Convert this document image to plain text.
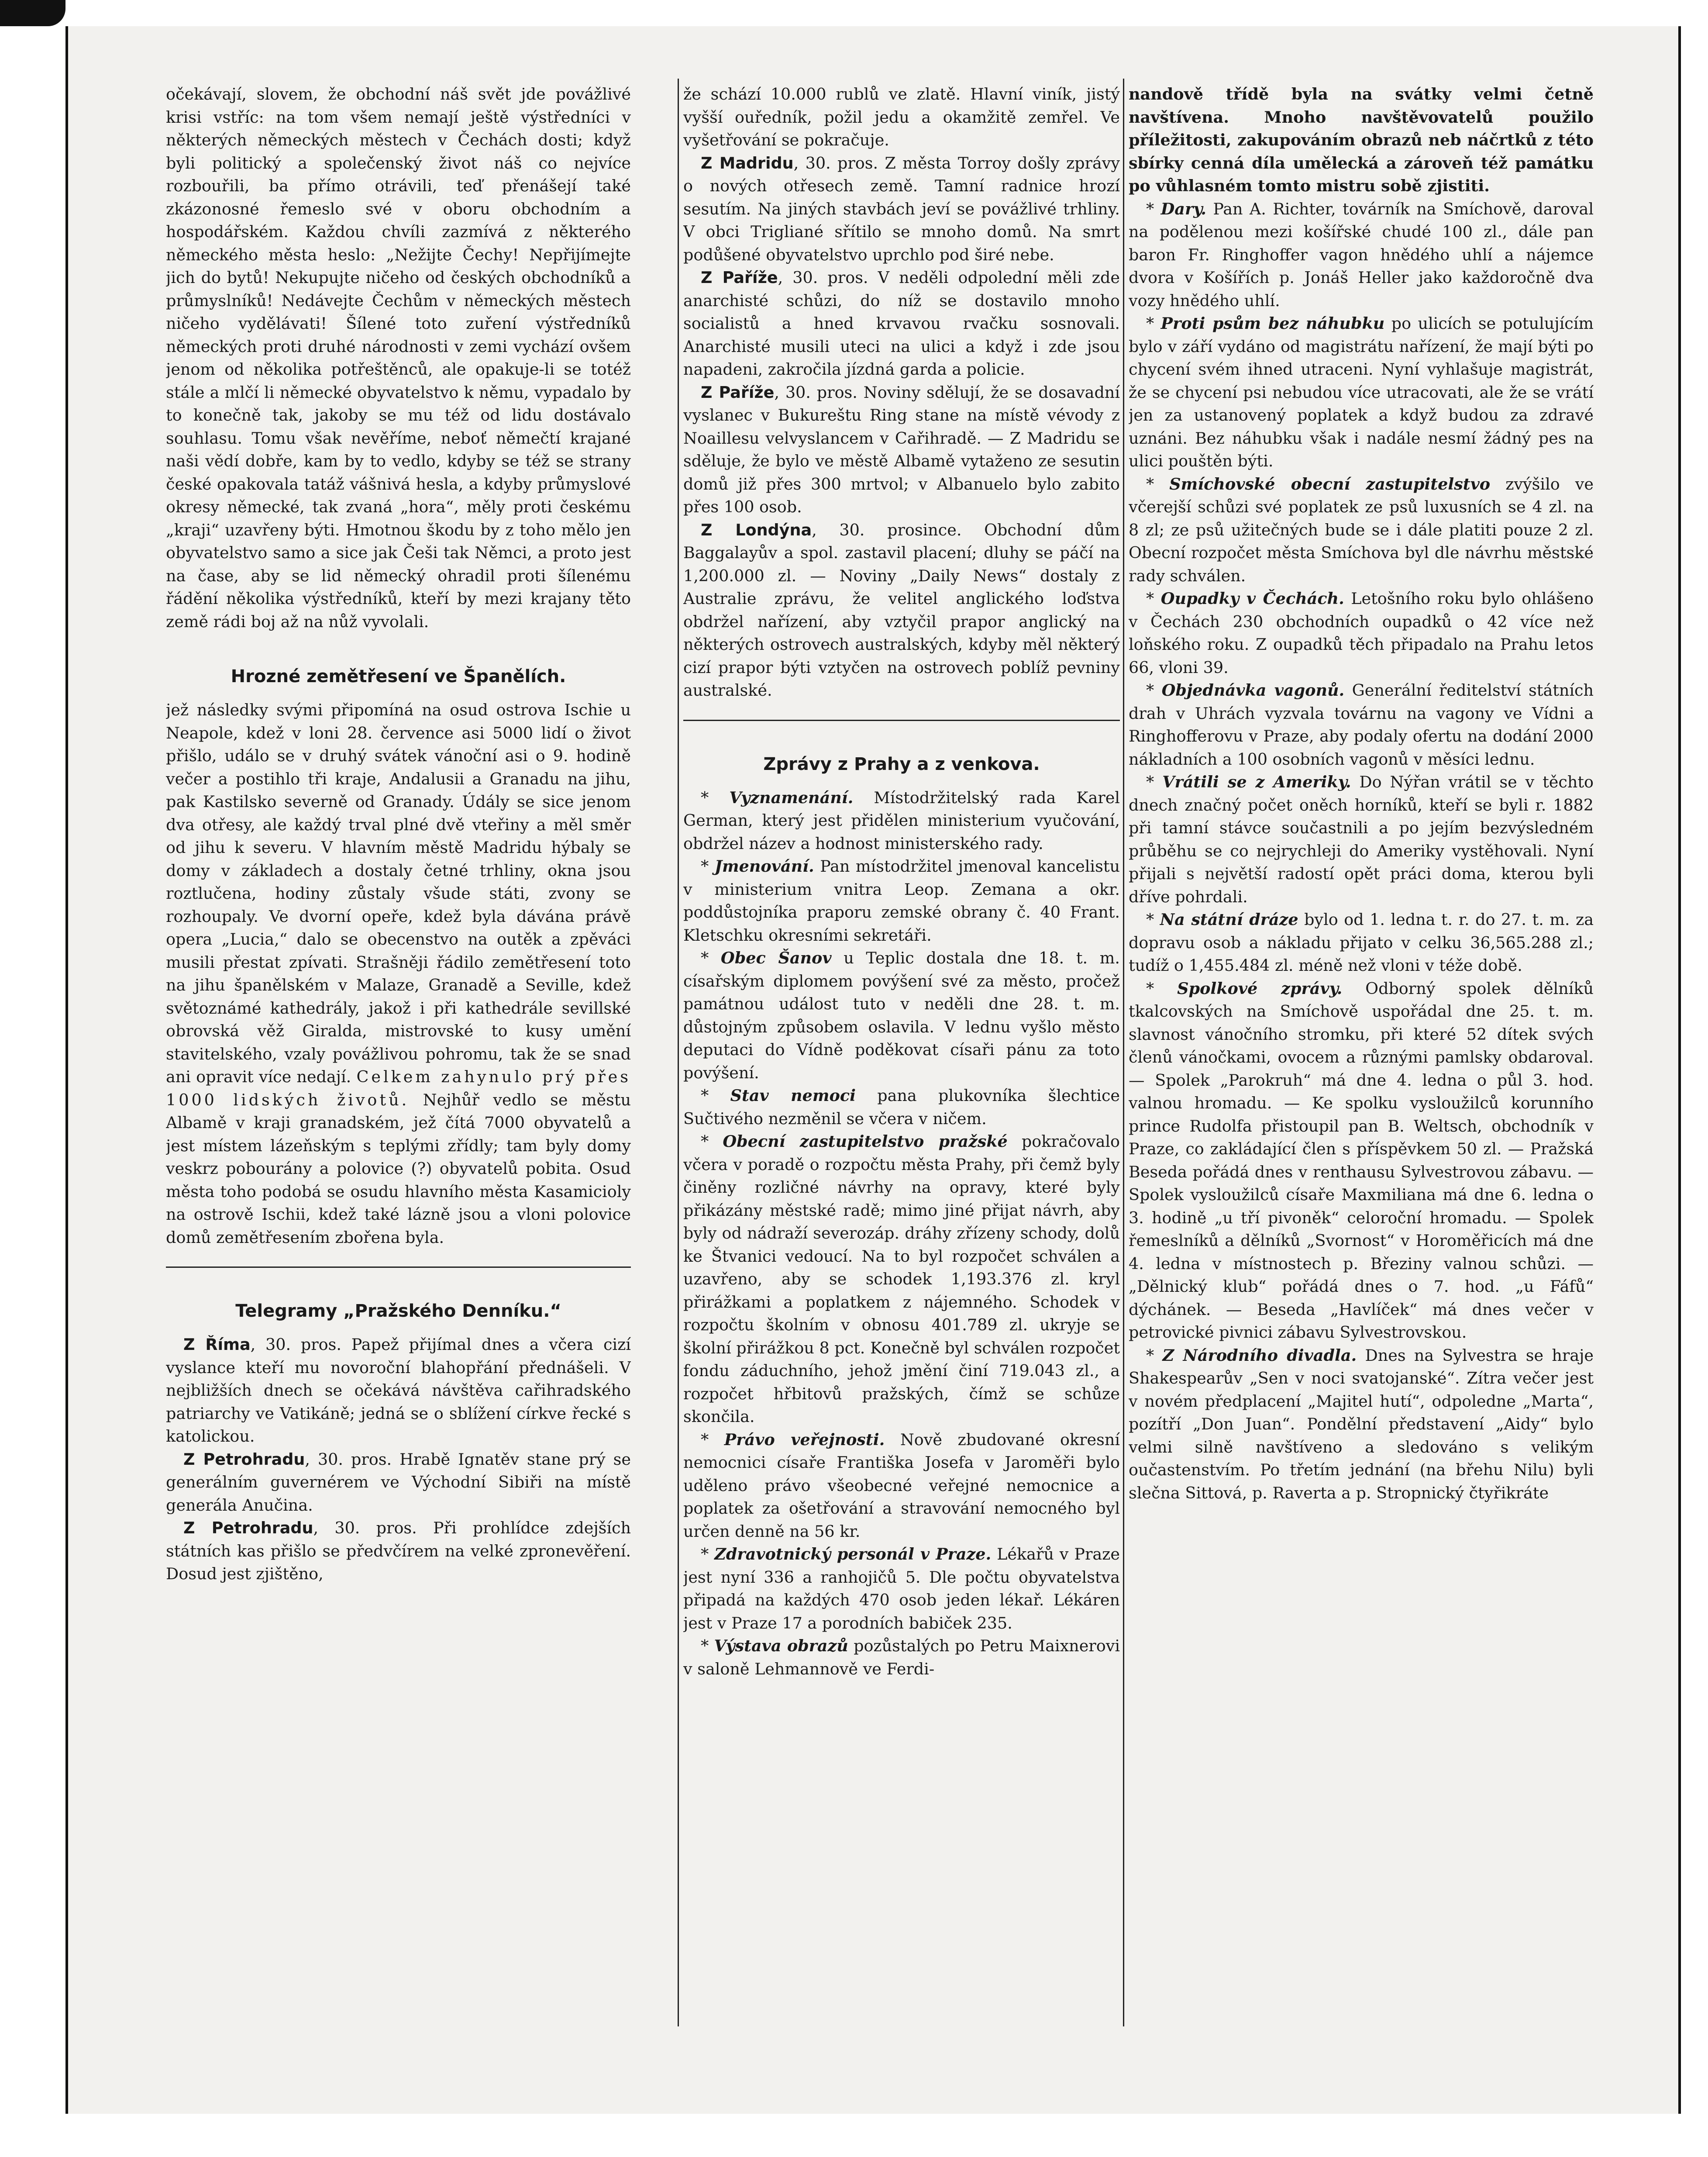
očekávají, slovem, že obchodní náš svět jde povážlivé krisi vstříc: na tom všem nemají ještě výstředníci v některých německých městech v Čechách dosti; když byli politický a společenský život náš co nejvíce rozbouřili, ba přímo otrávili, teď přenášejí také zkázonosné řemeslo své v oboru obchodním a hospodářském. Každou chvíli zazmívá z některého německého města heslo: „Nežijte Čechy! Nepřijímejte jich do bytů! Nekupujte ničeho od českých obchodníků a průmyslníků! Nedávejte Čechům v německých městech ničeho vydělávati! Šílené toto zuření výstředníků německých proti druhé národnosti v zemi vychází ovšem jenom od několika potřeštěnců, ale opakuje-li se totéž stále a mlčí li německé obyvatelstvo k němu, vypadalo by to konečně tak, jakoby se mu též od lidu dostávalo souhlasu. Tomu však nevěříme, neboť němečtí krajané naši vědí dobře, kam by to vedlo, kdyby se též se strany české opakovala tatáž vášnivá hesla, a kdyby průmyslové okresy německé, tak zvaná „hora“, měly proti českému „kraji“ uzavřeny býti. Hmotnou škodu by z toho mělo jen obyvatelstvo samo a sice jak Češi tak Němci, a proto jest na čase, aby se lid německý ohradil proti šílenému řádění několika výstředníků, kteří by mezi krajany těto země rádi boj až na nůž vyvolali.

Hrozné zemětřesení ve Španělích.

jež následky svými připomíná na osud ostrova Ischie u Neapole, kdež v loni 28. července asi 5000 lidí o život přišlo, událo se v druhý svátek vánoční asi o 9. hodině večer a postihlo tři kraje, Andalusii a Granadu na jihu, pak Kastilsko severně od Granady. Údály se sice jenom dva otřesy, ale každý trval plné dvě vteřiny a měl směr od jihu k severu. V hlavním městě Madridu hýbaly se domy v základech a dostaly četné trhliny, okna jsou roztlučena, hodiny zůstaly všude státi, zvony se rozhoupaly. Ve dvorní opeře, kdež byla dávána právě opera „Lucia,“ dalo se obecenstvo na outěk a zpěváci musili přestat zpívati. Strašněji řádilo zemětřesení toto na jihu španělském v Malaze, Granadě a Seville, kdež světoznámé kathedrály, jakož i při kathedrále sevillské obrovská věž Giralda, mistrovské to kusy umění stavitelského, vzaly povážlivou pohromu, tak že se snad ani opravit více nedají. Celkem zahynulo prý přes 1000 lidských životů. Nejhůř vedlo se městu Albamě v kraji granadském, jež čítá 7000 obyvatelů a jest místem lázeňským s teplými zřídly; tam byly domy veskrz pobourány a polovice (?) obyvatelů pobita. Osud města toho podobá se osudu hlavního města Kasamicioly na ostrově Ischii, kdež také lázně jsou a vloni polovice domů zemětřesením zbořena byla.

Telegramy „Pražského Denníku.“

Z Říma, 30. pros. Papež přijímal dnes a včera cizí vyslance kteří mu novoroční blahopřání přednášeli. V nejbližších dnech se očekává návštěva cařihradského patriarchy ve Vatikáně; jedná se o sblížení církve řecké s katolickou.

Z Petrohradu, 30. pros. Hrabě Ignatěv stane prý se generálním guvernérem ve Východní Sibiři na místě generála Anučina.

Z Petrohradu, 30. pros. Při prohlídce zdejších státních kas přišlo se předvčírem na velké zpronevěření. Dosud jest zjištěno,

že schází 10.000 rublů ve zlatě. Hlavní viník, jistý vyšší ouředník, požil jedu a okamžitě zemřel. Ve vyšetřování se pokračuje.

Z Madridu, 30. pros. Z města Torroy došly zprávy o nových otřesech země. Tamní radnice hrozí sesutím. Na jiných stavbách jeví se povážlivé trhliny. V obci Trigliané sřítilo se mnoho domů. Na smrt podůšené obyvatelstvo uprchlo pod širé nebe.

Z Paříže, 30. pros. V neděli odpolední měli zde anarchisté schůzi, do níž se dostavilo mnoho socialistů a hned krvavou rvačku sosnovali. Anarchisté musili uteci na ulici a když i zde jsou napadeni, zakročila jízdná garda a policie.

Z Paříže, 30. pros. Noviny sdělují, že se dosavadní vyslanec v Bukureštu Ring stane na místě vévody z Noaillesu velvyslancem v Cařihradě. — Z Madridu se sděluje, že bylo ve městě Albamě vytaženo ze sesutin domů již přes 300 mrtvol; v Albanuelo bylo zabito přes 100 osob.

Z Londýna, 30. prosince. Obchodní dům Baggalayův a spol. zastavil placení; dluhy se páčí na 1,200.000 zl. — Noviny „Daily News“ dostaly z Australie zprávu, že velitel anglického loďstva obdržel nařízení, aby vztyčil prapor anglický na některých ostrovech australských, kdyby měl některý cizí prapor býti vztyčen na ostrovech poblíž pevniny australské.

Zprávy z Prahy a z venkova.

* Vyznamenání. Místodržitelský rada Karel German, který jest přidělen ministerium vyučování, obdržel název a hodnost ministerského rady.

* Jmenování. Pan místodržitel jmenoval kancelistu v ministerium vnitra Leop. Zemana a okr. poddůstojníka praporu zemské obrany č. 40 Frant. Kletschku okresními sekretáři.

* Obec Šanov u Teplic dostala dne 18. t. m. císařským diplomem povýšení své za město, pročež památnou událost tuto v neděli dne 28. t. m. důstojným způsobem oslavila. V lednu vyšlo město deputaci do Vídně poděkovat císaři pánu za toto povýšení.

* Stav nemoci pana plukovníka šlechtice Sučtivého nezměnil se včera v ničem.

* Obecní zastupitelstvo pražské pokračovalo včera v poradě o rozpočtu města Prahy, při čemž byly činěny rozličné návrhy na opravy, které byly přikázány městské radě; mimo jiné přijat návrh, aby byly od nádraží severozáp. dráhy zřízeny schody, dolů ke Štvanici vedoucí. Na to byl rozpočet schválen a uzavřeno, aby se schodek 1,193.376 zl. kryl přirážkami a poplatkem z nájemného. Schodek v rozpočtu školním v obnosu 401.789 zl. ukryje se školní přirážkou 8 pct. Konečně byl schválen rozpočet fondu záduchního, jehož jmění činí 719.043 zl., a rozpočet hřbitovů pražských, čímž se schůze skončila.

* Právo veřejnosti. Nově zbudované okresní nemocnici císaře Františka Josefa v Jaroměři bylo uděleno právo všeobecné veřejné nemocnice a poplatek za ošetřování a stravování nemocného byl určen denně na 56 kr.

* Zdravotnický personál v Praze. Lékařů v Praze jest nyní 336 a ranhojičů 5. Dle počtu obyvatelstva připadá na každých 470 osob jeden lékař. Lékáren jest v Praze 17 a porodních babiček 235.

* Výstava obrazů pozůstalých po Petru Maixnerovi v saloně Lehmannově ve Ferdi-

nandově třídě byla na svátky velmi četně navštívena. Mnoho navštěvovatelů použilo příležitosti, zakupováním obrazů neb náčrtků z této sbírky cenná díla umělecká a zároveň též památku po vůhlasném tomto mistru sobě zjistiti.

* Dary. Pan A. Richter, továrník na Smíchově, daroval na podělenou mezi košířské chudé 100 zl., dále pan baron Fr. Ringhoffer vagon hnědého uhlí a nájemce dvora v Košířích p. Jonáš Heller jako každoročně dva vozy hnědého uhlí.

* Proti psům bez náhubku po ulicích se potulujícím bylo v září vydáno od magistrátu nařízení, že mají býti po chycení svém ihned utraceni. Nyní vyhlašuje magistrát, že se chycení psi nebudou více utracovati, ale že se vrátí jen za ustanovený poplatek a když budou za zdravé uznáni. Bez náhubku však i nadále nesmí žádný pes na ulici pouštěn býti.

* Smíchovské obecní zastupitelstvo zvýšilo ve včerejší schůzi své poplatek ze psů luxusních se 4 zl. na 8 zl; ze psů užitečných bude se i dále platiti pouze 2 zl. Obecní rozpočet města Smíchova byl dle návrhu městské rady schválen.

* Oupadky v Čechách. Letošního roku bylo ohlášeno v Čechách 230 obchodních oupadků o 42 více než loňského roku. Z oupadků těch připadalo na Prahu letos 66, vloni 39.

* Objednávka vagonů. Generální ředitelství státních drah v Uhrách vyzvala továrnu na vagony ve Vídni a Ringhofferovu v Praze, aby podaly ofertu na dodání 2000 nákladních a 100 osobních vagonů v měsíci lednu.

* Vrátili se z Ameriky. Do Nýřan vrátil se v těchto dnech značný počet oněch horníků, kteří se byli r. 1882 při tamní stávce součastnili a po jejím bezvýsledném průběhu se co nejrychleji do Ameriky vystěhovali. Nyní přijali s největší radostí opět práci doma, kterou byli dříve pohrdali.

* Na státní dráze bylo od 1. ledna t. r. do 27. t. m. za dopravu osob a nákladu přijato v celku 36,565.288 zl.; tudíž o 1,455.484 zl. méně než vloni v téže době.

* Spolkové zprávy. Odborný spolek dělníků tkalcovských na Smíchově uspořádal dne 25. t. m. slavnost vánočního stromku, při které 52 dítek svých členů vánočkami, ovocem a různými pamlsky obdaroval. — Spolek „Parokruh“ má dne 4. ledna o půl 3. hod. valnou hromadu. — Ke spolku vysloužilců korunního prince Rudolfa přistoupil pan B. Weltsch, obchodník v Praze, co zakládající člen s příspěvkem 50 zl. — Pražská Beseda pořádá dnes v renthausu Sylvestrovou zábavu. — Spolek vysloužilců císaře Maxmiliana má dne 6. ledna o 3. hodině „u tří pivoněk“ celoroční hromadu. — Spolek řemeslníků a dělníků „Svornost“ v Horoměřicích má dne 4. ledna v místnostech p. Březiny valnou schůzi. — „Dělnický klub“ pořádá dnes o 7. hod. „u Fáfů“ dýchánek. — Beseda „Havlíček“ má dnes večer v petrovické pivnici zábavu Sylvestrovskou.

* Z Národního divadla. Dnes na Sylvestra se hraje Shakespearův „Sen v noci svatojanské“. Zítra večer jest v novém předplacení „Majitel hutí“, odpoledne „Marta“, pozítří „Don Juan“. Pondělní představení „Aidy“ bylo velmi silně navštíveno a sledováno s velikým oučastenstvím. Po třetím jednání (na břehu Nilu) byli slečna Sittová, p. Raverta a p. Stropnický čtyřikráte
